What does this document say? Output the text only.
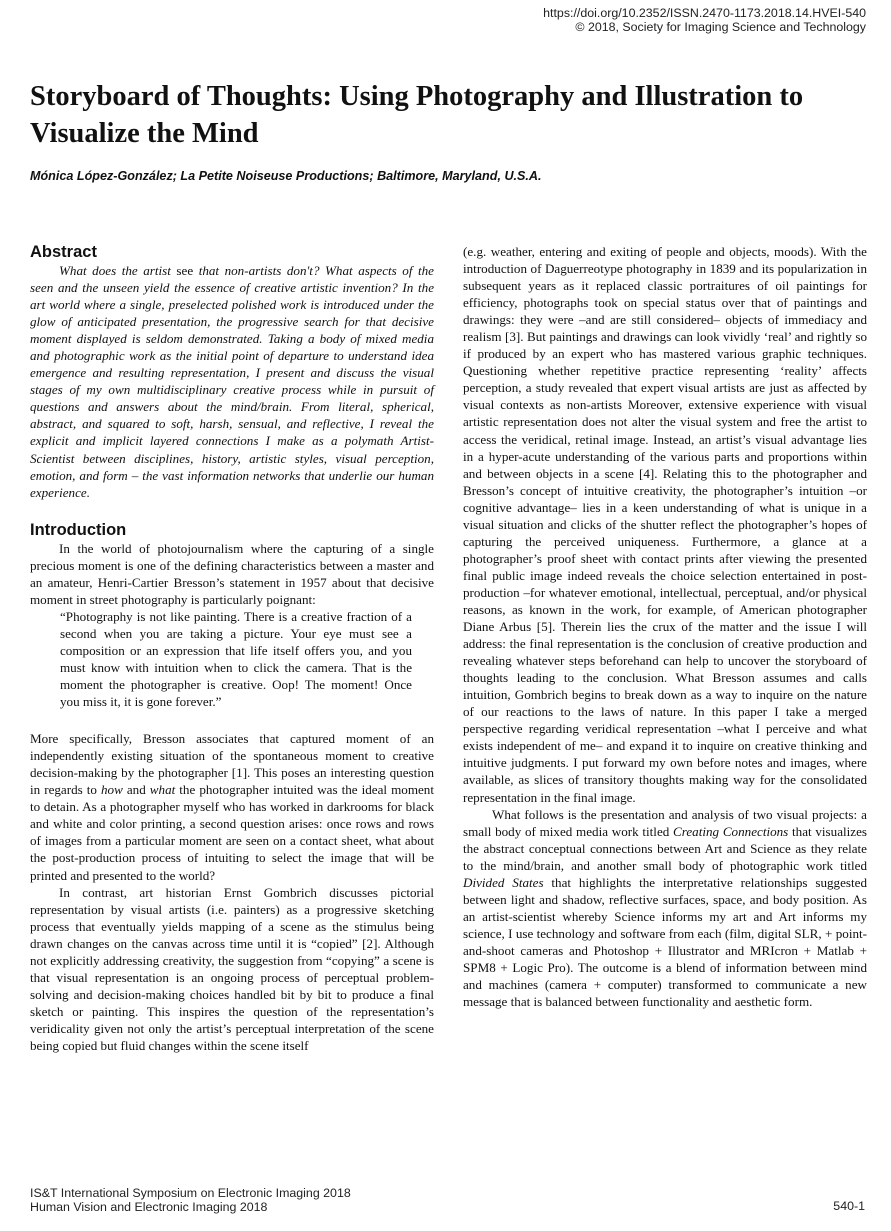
https://doi.org/10.2352/ISSN.2470-1173.2018.14.HVEI-540
© 2018, Society for Imaging Science and Technology
Storyboard of Thoughts: Using Photography and Illustration to Visualize the Mind
Mónica López-González; La Petite Noiseuse Productions; Baltimore, Maryland, U.S.A.
Abstract

What does the artist see that non-artists don't? What aspects of the seen and the unseen yield the essence of creative artistic invention? In the art world where a single, preselected polished work is introduced under the glow of anticipated presentation, the progressive search for that decisive moment displayed is seldom demonstrated. Taking a body of mixed media and photographic work as the initial point of departure to understand idea emergence and resulting representation, I present and discuss the visual stages of my own multidisciplinary creative process while in pursuit of questions and answers about the mind/brain. From literal, spherical, abstract, and squared to soft, harsh, sensual, and reflective, I reveal the explicit and implicit layered connections I make as a polymath Artist-Scientist between disciplines, history, artistic styles, visual perception, emotion, and form – the vast information networks that underlie our human experience.

Introduction

In the world of photojournalism where the capturing of a single precious moment is one of the defining characteristics between a master and an amateur, Henri-Cartier Bresson’s statement in 1957 about that decisive moment in street photography is particularly poignant:

“Photography is not like painting. There is a creative fraction of a second when you are taking a picture. Your eye must see a composition or an expression that life itself offers you, and you must know with intuition when to click the camera. That is the moment the photographer is creative. Oop! The moment! Once you miss it, it is gone forever.”

More specifically, Bresson associates that captured moment of an independently existing situation of the spontaneous moment to creative decision-making by the photographer [1]. This poses an interesting question in regards to how and what the photographer intuited was the ideal moment to detain. As a photographer myself who has worked in darkrooms for black and white and color printing, a second question arises: once rows and rows of images from a particular moment are seen on a contact sheet, what about the post-production process of intuiting to select the image that will be printed and presented to the world?

In contrast, art historian Ernst Gombrich discusses pictorial representation by visual artists (i.e. painters) as a progressive sketching process that eventually yields mapping of a scene as the stimulus being drawn changes on the canvas across time until it is “copied” [2]. Although not explicitly addressing creativity, the suggestion from “copying” a scene is that visual representation is an ongoing process of perceptual problem-solving and decision-making choices handled bit by bit to produce a final sketch or painting. This inspires the question of the representation’s veridicality given not only the artist’s perceptual interpretation of the scene being copied but fluid changes within the scene itself

(e.g. weather, entering and exiting of people and objects, moods). With the introduction of Daguerreotype photography in 1839 and its popularization in subsequent years as it replaced classic portraitures of oil paintings for efficiency, photographs took on special status over that of paintings and drawings: they were –and are still considered– objects of immediacy and realism [3]. But paintings and drawings can look vividly ‘real’ and rightly so if produced by an expert who has mastered various graphic techniques. Questioning whether repetitive practice representing ‘reality’ affects perception, a study revealed that expert visual artists are just as affected by visual contexts as non-artists Moreover, extensive experience with visual artistic representation does not alter the visual system and free the artist to access the veridical, retinal image. Instead, an artist’s visual advantage lies in a hyper-acute understanding of the various parts and proportions within and between objects in a scene [4]. Relating this to the photographer and Bresson’s concept of intuitive creativity, the photographer’s intuition –or cognitive advantage– lies in a keen understanding of what is unique in a visual situation and clicks of the shutter reflect the photographer’s hopes of capturing the perceived uniqueness. Furthermore, a glance at a photographer’s proof sheet with contact prints after viewing the presented final public image indeed reveals the choice selection entertained in post-production –for whatever emotional, intellectual, perceptual, and/or physical reasons, as known in the work, for example, of American photographer Diane Arbus [5]. Therein lies the crux of the matter and the issue I will address: the final representation is the conclusion of creative production and revealing whatever steps beforehand can help to uncover the storyboard of thoughts leading to the conclusion. What Bresson assumes and calls intuition, Gombrich begins to break down as a way to inquire on the nature of our reactions to the laws of nature. In this paper I take a merged perspective regarding veridical representation –what I perceive and what exists independent of me– and expand it to inquire on creative thinking and intuitive judgments. I put forward my own before notes and images, where available, as slices of transitory thoughts making way for the consolidated representation in the final image.

What follows is the presentation and analysis of two visual projects: a small body of mixed media work titled Creating Connections that visualizes the abstract conceptual connections between Art and Science as they relate to the mind/brain, and another small body of photographic work titled Divided States that highlights the interpretative relationships suggested between light and shadow, reflective surfaces, space, and body position. As an artist-scientist whereby Science informs my art and Art informs my science, I use technology and software from each (film, digital SLR, + point-and-shoot cameras and Photoshop + Illustrator and MRIcron + Matlab + SPM8 + Logic Pro). The outcome is a blend of information between mind and machines (camera + computer) transformed to communicate a new message that is balanced between functionality and aesthetic form.

IS&T International Symposium on Electronic Imaging 2018
Human Vision and Electronic Imaging 2018	540-1
